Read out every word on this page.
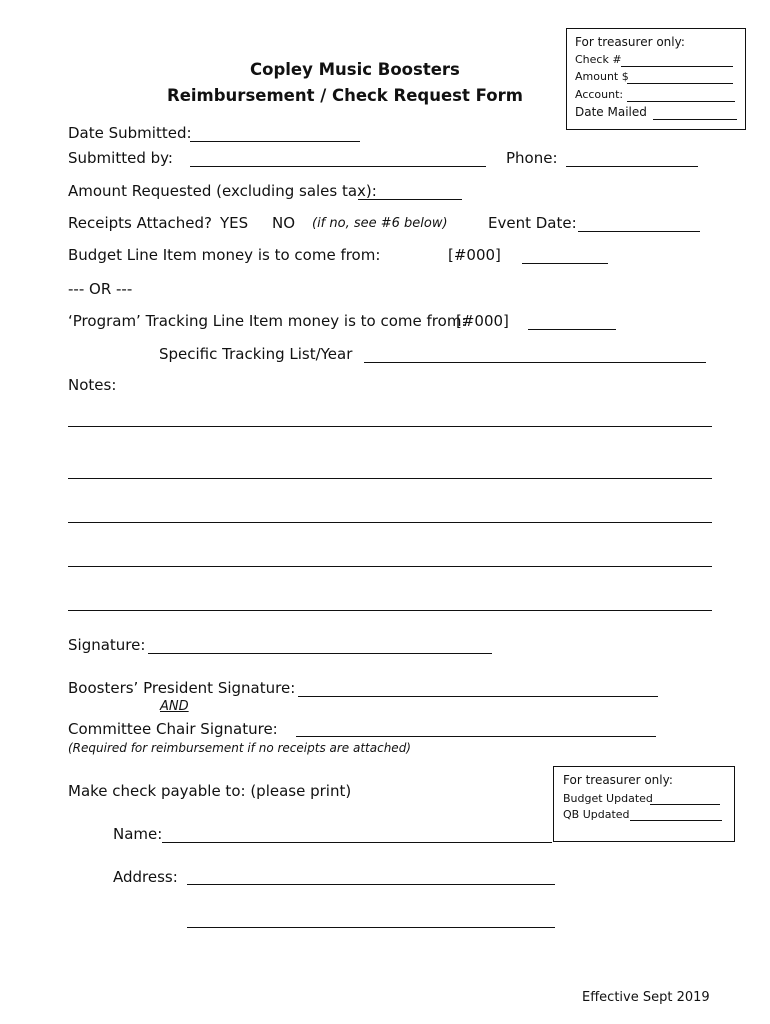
Copley Music Boosters
Reimbursement / Check Request Form
For treasurer only:
Check #
Amount $
Account:
Date Mailed
Date Submitted:
Submitted by:	Phone:
Amount Requested (excluding sales tax):
Receipts Attached? YES NO (if no, see #6 below)	Event Date:
Budget Line Item money is to come from:	[#000]
--- OR ---
‘Program’ Tracking Line Item money is to come from:
[#000]
Specific Tracking List/Year
Notes:
Signature:
Boosters’ President Signature:
AND
Committee Chair Signature:
(Required for reimbursement if no receipts are attached)
For treasurer only:
Budget Updated
QB Updated
Make check payable to: (please print)
Name:
Address:
Effective Sept 2019
